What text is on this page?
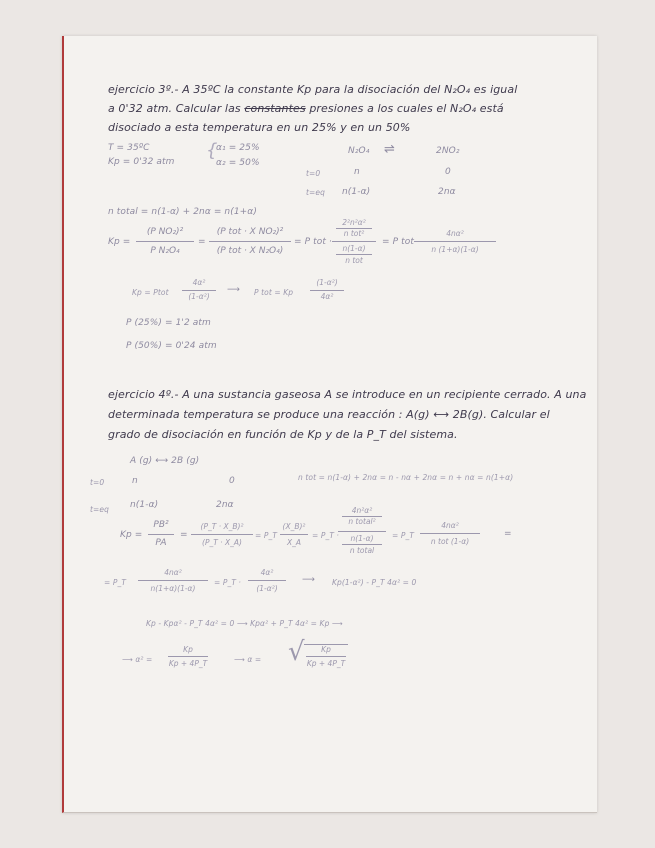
ejercicio 3º.- A 35ºC la constante Kp para la disociación del N₂O₄ es igual
a 0'32 atm. Calcular las constantes presiones a los cuales el N₂O₄ está
disociado a esta temperatura en un 25% y en un 50%
T = 35ºC
Kp = 0'32 atm
{
α₁ = 25%
α₂ = 50%
N₂O₄ ⇌	2NO₂
t=0	n	0
t=eq n(1-α)	2nα
n total = n(1-α) + 2nα = n(1+α)
Kp =
(P NO₂)²
P N₂O₄
=
(P tot · X NO₂)²
(P tot · X N₂O₄)
= P tot ·
2²n²α²
n tot²
n(1-α)
n tot
= P tot
4nα²
n (1+α)(1-α)
Kp = Ptot
4α²
(1-α²)
⟶ P tot = Kp
(1-α²)
4α²
P (25%) = 1'2 atm
P (50%) = 0'24 atm
ejercicio 4º.- A una sustancia gaseosa A se introduce en un recipiente cerrado. A una
determinada temperatura se produce una reacción : A(g) ⟷ 2B(g). Calcular el
grado de disociación en función de Kp y de la P_T del sistema.
A (g) ⟷ 2B (g)
t=0	n	0	n tot = n(1-α) + 2nα = n - nα + 2nα = n + nα = n(1+α)
t=eq n(1-α)	2nα
Kp =
PB²
PA
=
(P_T · X_B)²
(P_T · X_A)
= P_T
(X_B)²
X_A
= P_T ·
4n²α²
n total²
n(1-α)
n total
= P_T
4nα²
n tot (1-α)
=
= P_T
4nα²
n(1+α)(1-α)
= P_T ·
4α²
(1-α²)
⟶ Kp(1-α²) - P_T 4α² = 0
Kp - Kpα² - P_T 4α² = 0 ⟶ Kpα² + P_T 4α² = Kp ⟶
⟶ α² =
Kp
Kp + 4P_T	⟶ α = √	Kp
Kp + 4P_T
